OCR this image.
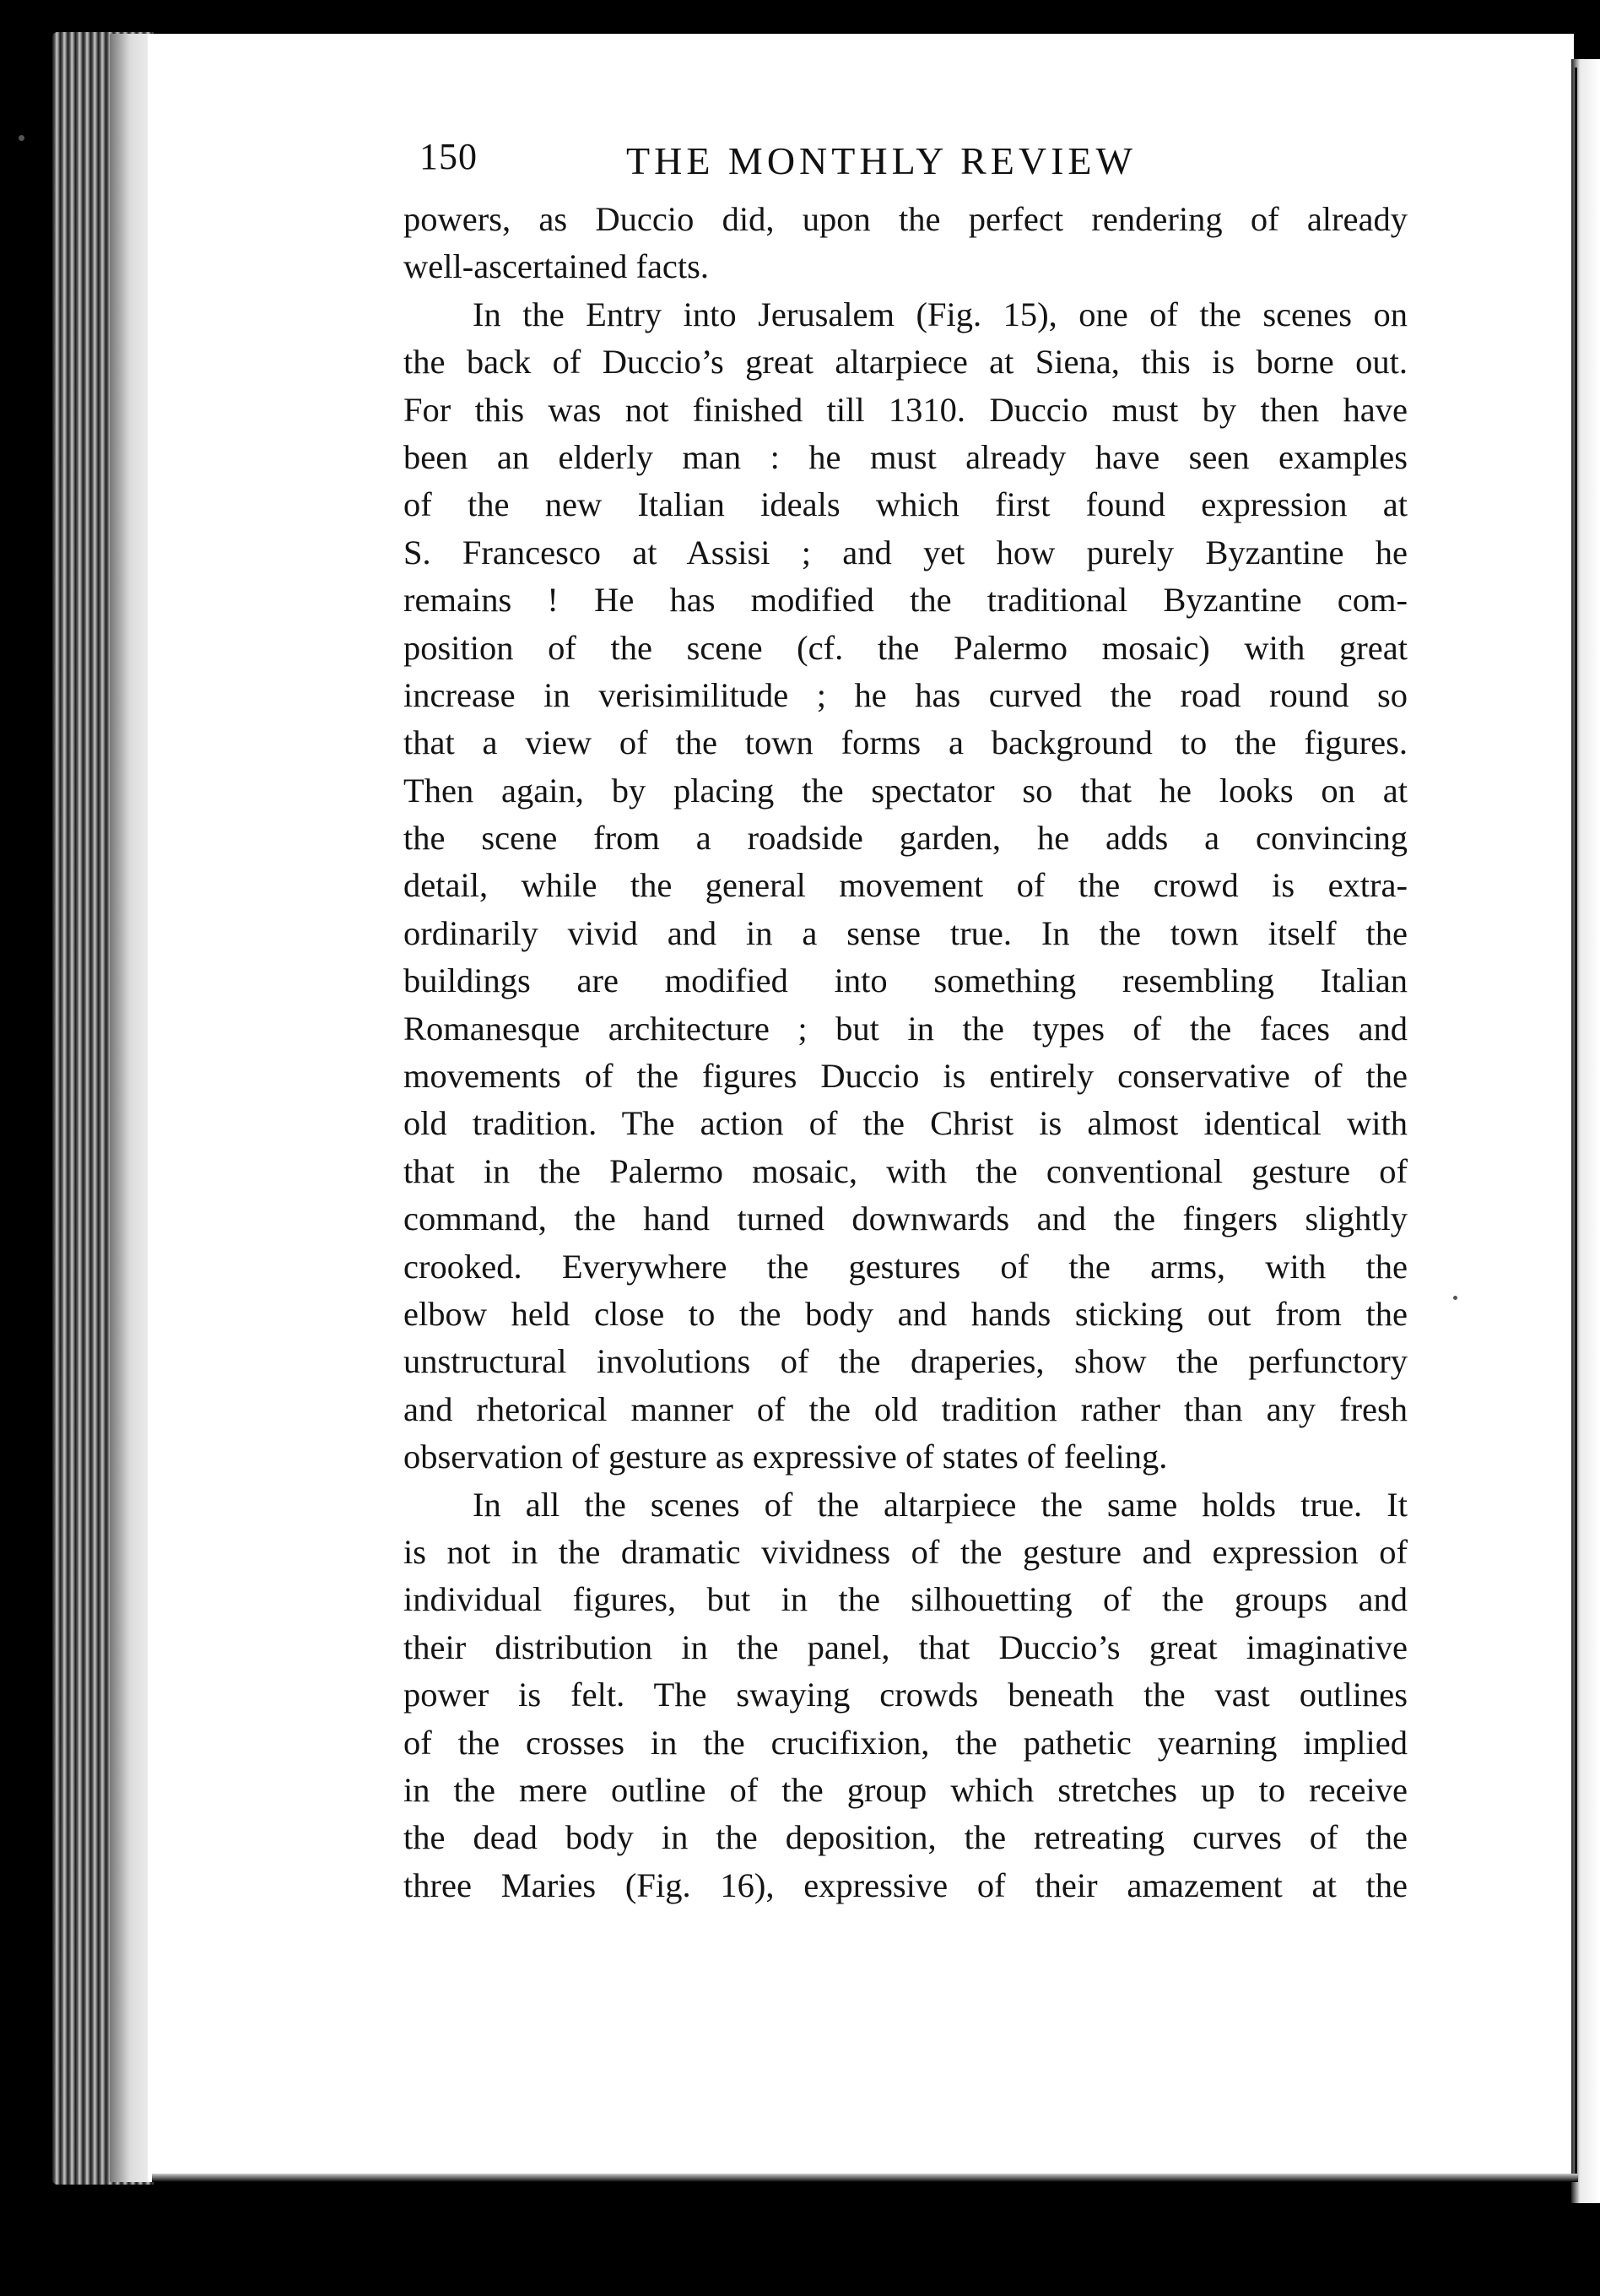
150	THE MONTHLY REVIEW
powers, as Duccio did, upon the perfect rendering of already
well-ascertained facts.
In the Entry into Jerusalem (Fig. 15), one of the scenes on
the back of Duccio’s great altarpiece at Siena, this is borne out.
For this was not finished till 1310. Duccio must by then have
been an elderly man : he must already have seen examples
of the new Italian ideals which first found expression at
S. Francesco at Assisi ; and yet how purely Byzantine he
remains ! He has modified the traditional Byzantine com-
position of the scene (cf. the Palermo mosaic) with great
increase in verisimilitude ; he has curved the road round so
that a view of the town forms a background to the figures.
Then again, by placing the spectator so that he looks on at
the scene from a roadside garden, he adds a convincing
detail, while the general movement of the crowd is extra-
ordinarily vivid and in a sense true. In the town itself the
buildings are modified into something resembling Italian
Romanesque architecture ; but in the types of the faces and
movements of the figures Duccio is entirely conservative of the
old tradition. The action of the Christ is almost identical with
that in the Palermo mosaic, with the conventional gesture of
command, the hand turned downwards and the fingers slightly
crooked. Everywhere the gestures of the arms, with the
elbow held close to the body and hands sticking out from the
unstructural involutions of the draperies, show the perfunctory
and rhetorical manner of the old tradition rather than any fresh
observation of gesture as expressive of states of feeling.
In all the scenes of the altarpiece the same holds true. It
is not in the dramatic vividness of the gesture and expression of
individual figures, but in the silhouetting of the groups and
their distribution in the panel, that Duccio’s great imaginative
power is felt. The swaying crowds beneath the vast outlines
of the crosses in the crucifixion, the pathetic yearning implied
in the mere outline of the group which stretches up to receive
the dead body in the deposition, the retreating curves of the
three Maries (Fig. 16), expressive of their amazement at the
